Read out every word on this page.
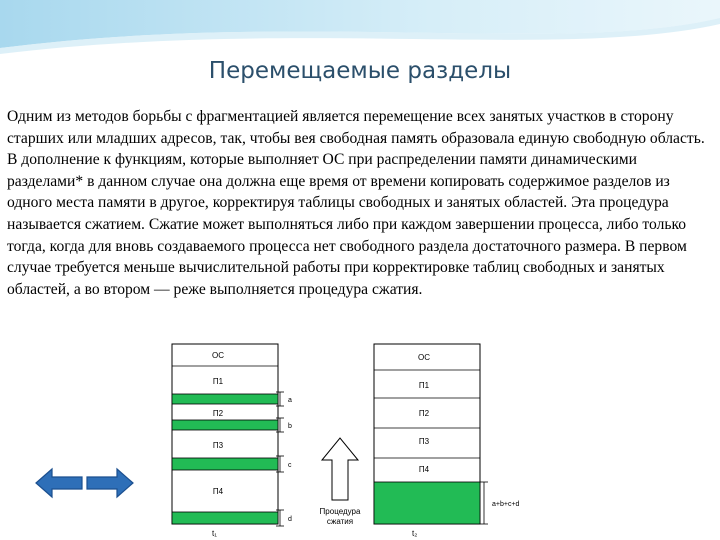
Перемещаемые разделы
Одним из методов борьбы с фрагментацией является перемещение всех занятых участков в сторону старших или младших адресов, так, чтобы вея свободная память образовала единую свободную область. В дополнение к функциям, которые выполняет ОС при распределении памяти динамическими разделами* в данном случае она должна еще время от времени копировать содержимое разделов из одного места памяти в другое, корректируя таблицы свободных и занятых областей. Эта процедура называется сжатием. Сжатие может выполняться либо при каждом завершении процесса, либо только тогда, когда для вновь создаваемого процесса нет свободного раздела достаточного размера. В первом случае требуется меньше вычислительной работы при корректировке таблиц свободных и занятых областей, а во втором — реже выполняется процедура сжатия.
ОС
П1
П2
П3
П4
t₁
a
b
c
d
Процедура
сжатия
ОС
П1
П2
П3
П4
a+b+c+d
t₂
